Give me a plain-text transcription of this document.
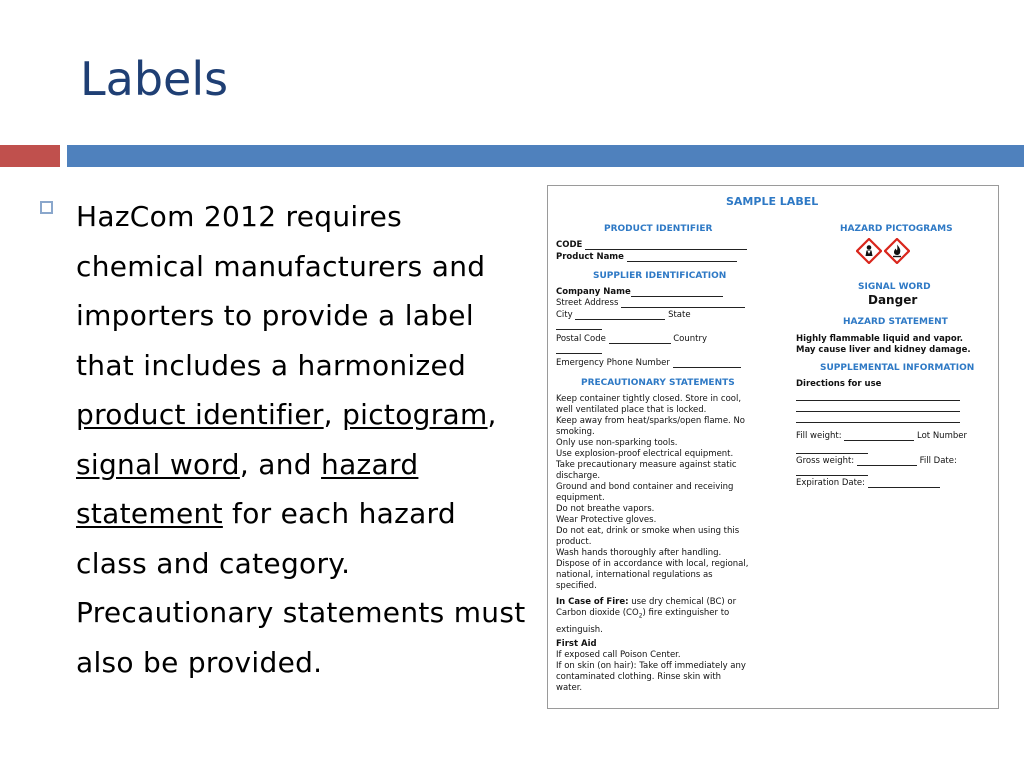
Labels
HazCom 2012 requires chemical manufacturers and importers to provide a label that includes a harmonized product identifier, pictogram, signal word, and hazard statement for each hazard class and category. Precautionary statements must also be provided.
SAMPLE LABEL
PRODUCT IDENTIFIER
CODE
Product Name
SUPPLIER IDENTIFICATION
Company Name
Street Address
City	State
Postal Code	Country
Emergency Phone Number
PRECAUTIONARY STATEMENTS
Keep container tightly closed. Store in cool,
well ventilated place that is locked.
Keep away from heat/sparks/open flame. No
smoking.
Only use non-sparking tools.
Use explosion-proof electrical equipment.
Take precautionary measure against static
discharge.
Ground and bond container and receiving
equipment.
Do not breathe vapors.
Wear Protective gloves.
Do not eat, drink or smoke when using this
product.
Wash hands thoroughly after handling.
Dispose of in accordance with local, regional,
national, international regulations as
specified.
In Case of Fire: use dry chemical (BC) or
Carbon dioxide $(CO_2)$ fire extinguisher to
extinguish.
First Aid
If exposed call Poison Center.
If on skin (on hair): Take off immediately any
contaminated clothing. Rinse skin with
water.
HAZARD PICTOGRAMS
SIGNAL WORD
Danger
HAZARD STATEMENT
Highly flammable liquid and vapor.
May cause liver and kidney damage.
SUPPLEMENTAL INFORMATION
Directions for use
Fill weight:	Lot Number
Gross weight:	Fill Date:
Expiration Date:
